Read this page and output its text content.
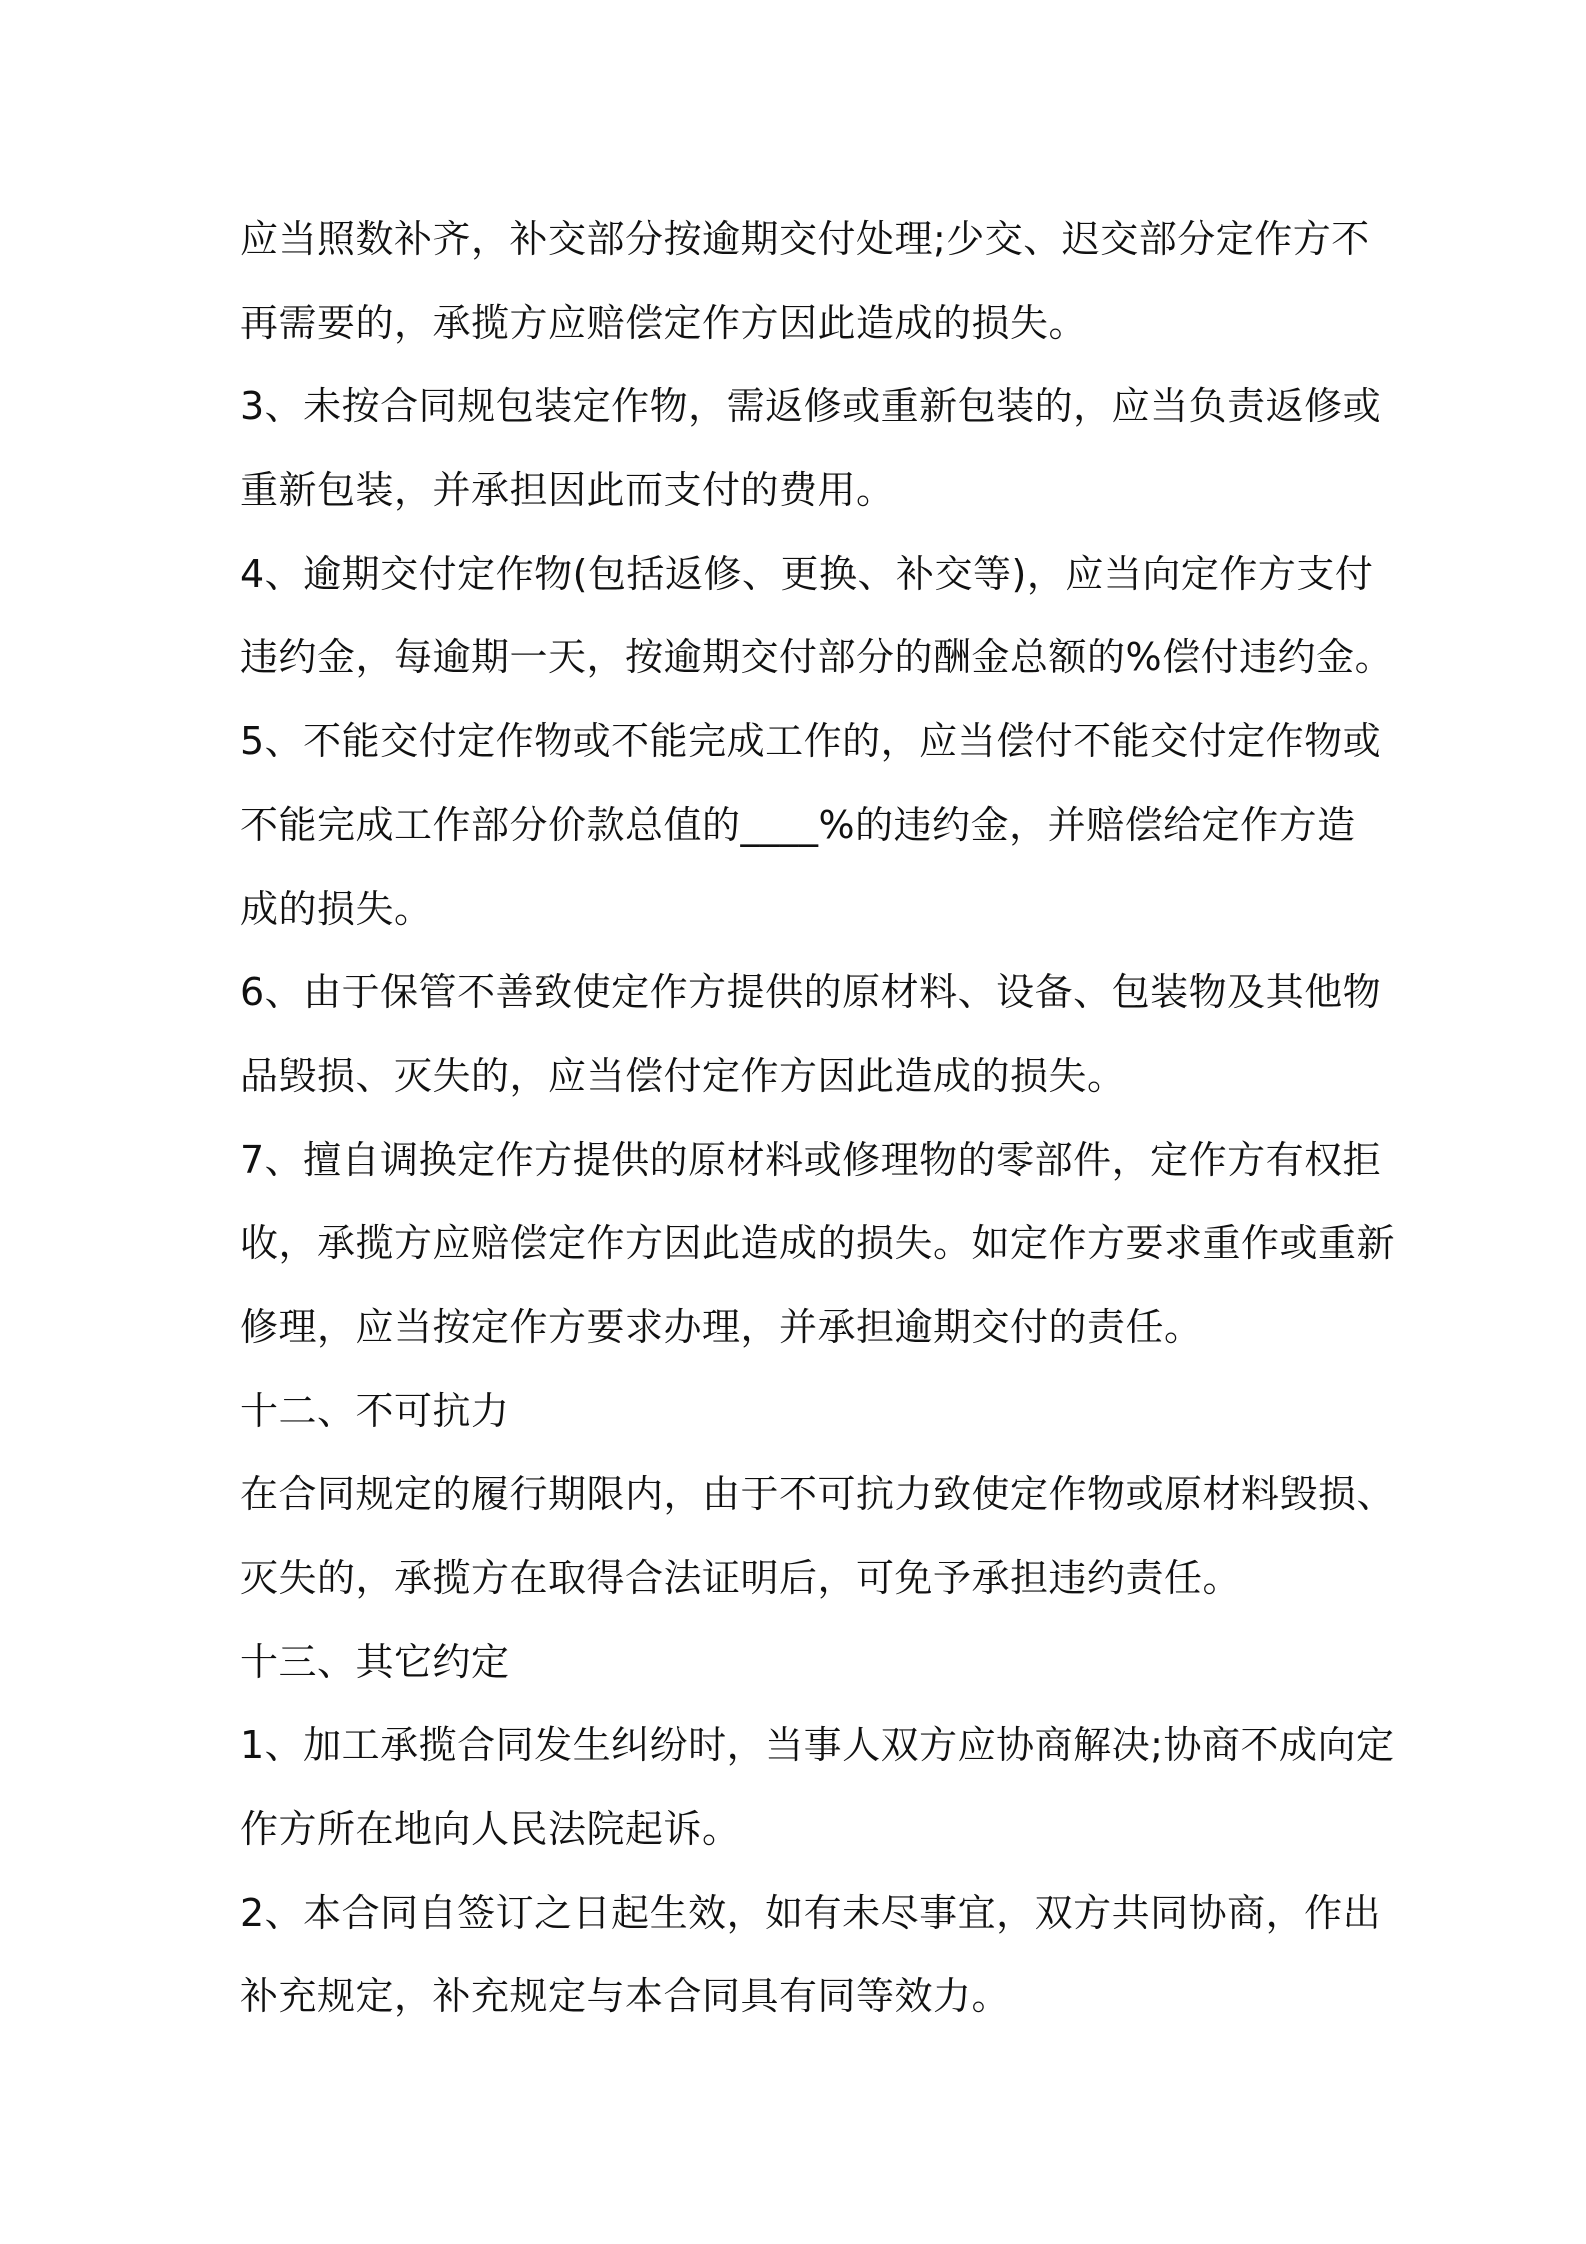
应当照数补齐，补交部分按逾期交付处理;少交、迟交部分定作方不
再需要的，承揽方应赔偿定作方因此造成的损失。
3、未按合同规包装定作物，需返修或重新包装的，应当负责返修或
重新包装，并承担因此而支付的费用。
4、逾期交付定作物(包括返修、更换、补交等)，应当向定作方支付
违约金，每逾期一天，按逾期交付部分的酬金总额的%偿付违约金。
5、不能交付定作物或不能完成工作的，应当偿付不能交付定作物或
不能完成工作部分价款总值的____%的违约金，并赔偿给定作方造
成的损失。
6、由于保管不善致使定作方提供的原材料、设备、包装物及其他物
品毁损、灭失的，应当偿付定作方因此造成的损失。
7、擅自调换定作方提供的原材料或修理物的零部件，定作方有权拒
收，承揽方应赔偿定作方因此造成的损失。如定作方要求重作或重新
修理，应当按定作方要求办理，并承担逾期交付的责任。
十二、不可抗力
在合同规定的履行期限内，由于不可抗力致使定作物或原材料毁损、
灭失的，承揽方在取得合法证明后，可免予承担违约责任。
十三、其它约定
1、加工承揽合同发生纠纷时，当事人双方应协商解决;协商不成向定
作方所在地向人民法院起诉。
2、本合同自签订之日起生效，如有未尽事宜，双方共同协商，作出
补充规定，补充规定与本合同具有同等效力。
